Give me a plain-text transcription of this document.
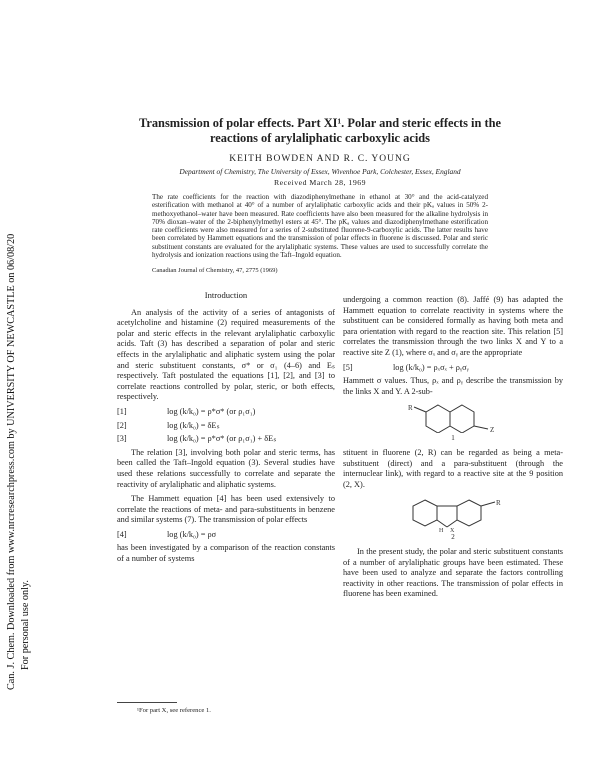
Can. J. Chem. Downloaded from www.nrcresearchpress.com by UNIVERSITY OF NEWCASTLE on 06/08/20 For personal use only.
Transmission of polar effects. Part XI¹. Polar and steric effects in the
reactions of arylaliphatic carboxylic acids
KEITH BOWDEN AND R. C. YOUNG
Department of Chemistry, The University of Essex, Wivenhoe Park, Colchester, Essex, England
Received March 28, 1969
The rate coefficients for the reaction with diazodiphenylmethane in ethanol at 30° and the acid-catalyzed esterification with methanol at 40° of a number of arylaliphatic carboxylic acids and their pKₐ values in 50% 2-methoxyethanol–water have been measured. Rate coefficients have also been measured for the alkaline hydrolysis in 70% dioxan–water of the 2-biphenylylmethyl esters at 45°. The pKₐ values and diazodiphenylmethane esterification rate coefficients were also measured for a series of 2-substituted fluorene-9-carboxylic acids. The latter results have been correlated by Hammett equations and the transmission of polar effects in fluorene is discussed. Polar and steric substituent constants are evaluated for the arylaliphatic systems. These values are used to successfully correlate the hydrolysis and ionization reactions using the Taft–Ingold equation.
Canadian Journal of Chemistry, 47, 2775 (1969)
Introduction

An analysis of the activity of a series of antagonists of acetylcholine and histamine (2) required measurements of the polar and steric effects in the relevant arylaliphatic carboxylic acids. Taft (3) has described a separation of polar and steric effects in the arylaliphatic and aliphatic system using the polar and steric substituent constants, σ* or σ₁ (4–6) and Eₛ respectively. Taft postulated the equations [1], [2], and [3] to correlate reactions controlled by polar, steric, or both effects, respectively.

[1]	log (k/k₀) = ρ*σ* (or ρ₁σ₁)
[2]	log (k/k₀) = δEₛ
[3]	log (k/k₀) = ρ*σ* (or ρ₁σ₁) + δEₛ

The relation [3], involving both polar and steric terms, has been called the Taft–Ingold equation (3). Several studies have used these relations successfully to correlate and separate the reactivity of arylaliphatic and aliphatic systems.

The Hammett equation [4] has been used extensively to correlate the reactions of meta- and para-substituents in benzene and similar systems (7). The transmission of polar effects

[4]	log (k/k₀) = ρσ

has been investigated by a comparison of the reaction constants of a number of systems

undergoing a common reaction (8). Jaffé (9) has adapted the Hammett equation to correlate reactivity in systems where the substituent can be considered formally as having both meta and para orientation with regard to the reaction site. This relation [5] correlates the transmission through the two links X and Y to a reactive site Z (1), where σₓ and σᵧ are the appropriate

[5]	log (k/k₀) = ρₓσₓ + ρᵧσᵧ

Hammett σ values. Thus, ρₓ and ρᵧ describe the transmission by the links X and Y. A 2-sub-

R
Z
1

stituent in fluorene (2, R) can be regarded as being a meta-substituent (direct) and a para-substituent (through the internuclear link), with regard to a reactive site at the 9 position (2, X).

R
H X
2

In the present study, the polar and steric substituent constants of a number of arylaliphatic groups have been estimated. These have been used to analyze and separate the factors controlling reactivity in other reactions. The transmission of polar effects in fluorene has been examined.

¹For part X, see reference 1.
